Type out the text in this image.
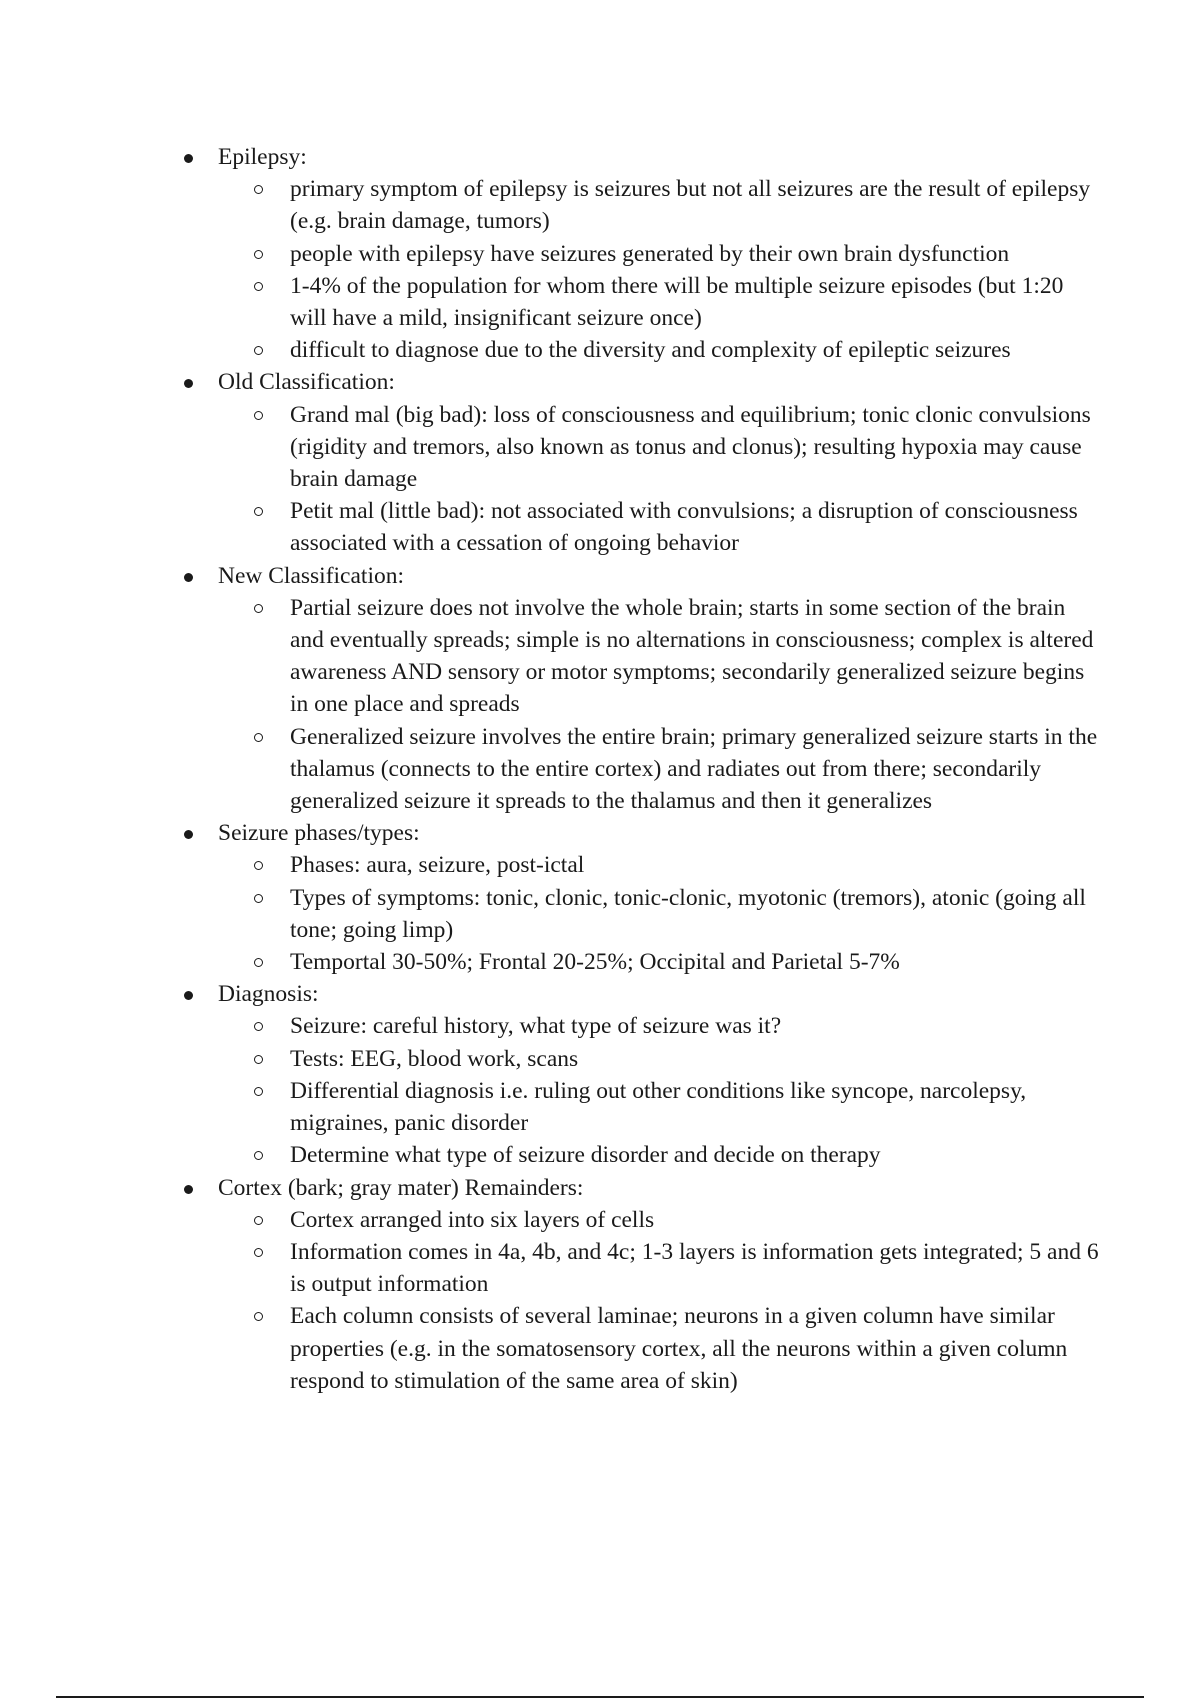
Epilepsy:
primary symptom of epilepsy is seizures but not all seizures are the result of epilepsy (e.g. brain damage, tumors)
people with epilepsy have seizures generated by their own brain dysfunction
1-4% of the population for whom there will be multiple seizure episodes (but 1:20 will have a mild, insignificant seizure once)
difficult to diagnose due to the diversity and complexity of epileptic seizures
Old Classification:
Grand mal (big bad): loss of consciousness and equilibrium; tonic clonic convulsions (rigidity and tremors, also known as tonus and clonus); resulting hypoxia may cause brain damage
Petit mal (little bad): not associated with convulsions; a disruption of consciousness associated with a cessation of ongoing behavior
New Classification:
Partial seizure does not involve the whole brain; starts in some section of the brain and eventually spreads; simple is no alternations in consciousness; complex is altered awareness AND sensory or motor symptoms; secondarily generalized seizure begins in one place and spreads
Generalized seizure involves the entire brain; primary generalized seizure starts in the thalamus (connects to the entire cortex) and radiates out from there; secondarily generalized seizure it spreads to the thalamus and then it generalizes
Seizure phases/types:
Phases: aura, seizure, post-ictal
Types of symptoms: tonic, clonic, tonic-clonic, myotonic (tremors), atonic (going all tone; going limp)
Temportal 30-50%; Frontal 20-25%; Occipital and Parietal 5-7%
Diagnosis:
Seizure: careful history, what type of seizure was it?
Tests: EEG, blood work, scans
Differential diagnosis i.e. ruling out other conditions like syncope, narcolepsy, migraines, panic disorder
Determine what type of seizure disorder and decide on therapy
Cortex (bark; gray mater) Remainders:
Cortex arranged into six layers of cells
Information comes in 4a, 4b, and 4c; 1-3 layers is information gets integrated; 5 and 6 is output information
Each column consists of several laminae; neurons in a given column have similar properties (e.g. in the somatosensory cortex, all the neurons within a given column respond to stimulation of the same area of skin)
